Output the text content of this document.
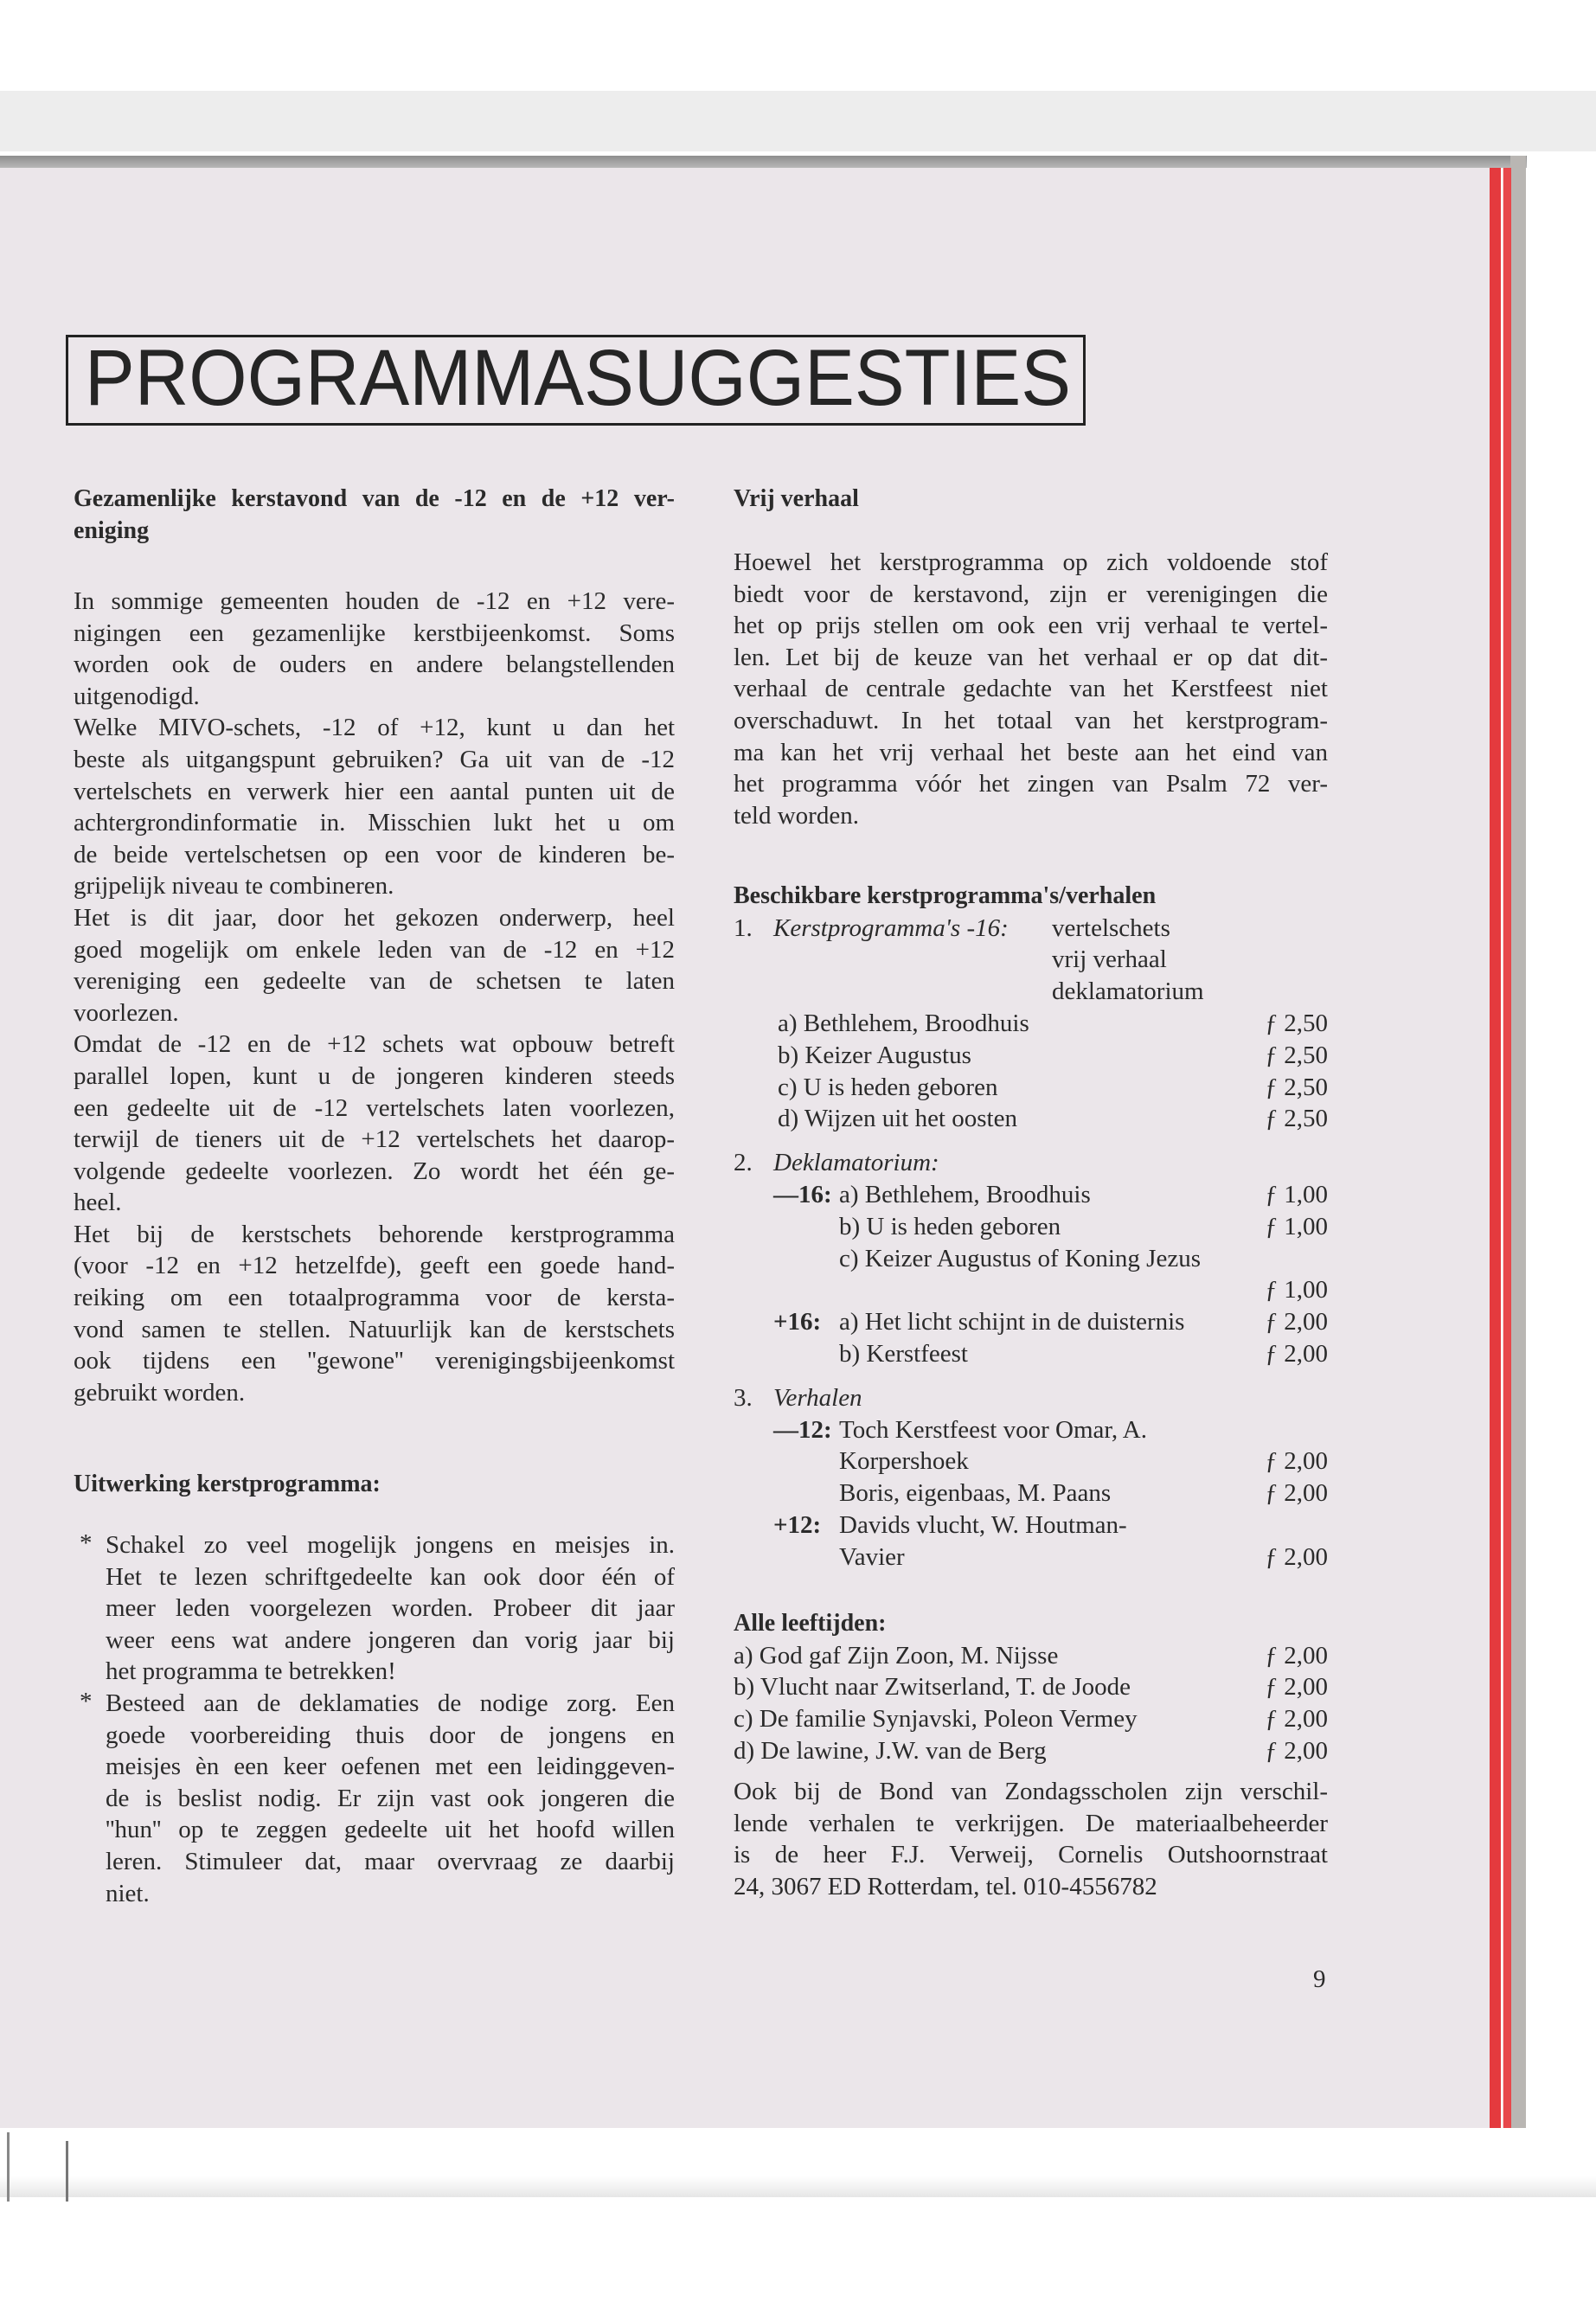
PROGRAMMASUGGESTIES
Gezamenlijke kerstavond van de -12 en de +12 ver-
eniging
In sommige gemeenten houden de -12 en +12 vere-
nigingen een gezamenlijke kerstbijeenkomst. Soms
worden ook de ouders en andere belangstellenden
uitgenodigd.
Welke MIVO-schets, -12 of +12, kunt u dan het
beste als uitgangspunt gebruiken? Ga uit van de -12
vertelschets en verwerk hier een aantal punten uit de
achtergrondinformatie in. Misschien lukt het u om
de beide vertelschetsen op een voor de kinderen be-
grijpelijk niveau te combineren.
Het is dit jaar, door het gekozen onderwerp, heel
goed mogelijk om enkele leden van de -12 en +12
vereniging een gedeelte van de schetsen te laten
voorlezen.
Omdat de -12 en de +12 schets wat opbouw betreft
parallel lopen, kunt u de jongeren kinderen steeds
een gedeelte uit de -12 vertelschets laten voorlezen,
terwijl de tieners uit de +12 vertelschets het daarop-
volgende gedeelte voorlezen. Zo wordt het één ge-
heel.
Het bij de kerstschets behorende kerstprogramma
(voor -12 en +12 hetzelfde), geeft een goede hand-
reiking om een totaalprogramma voor de kersta-
vond samen te stellen. Natuurlijk kan de kerstschets
ook tijdens een ''gewone'' verenigingsbijeenkomst
gebruikt worden.
Uitwerking kerstprogramma:
* Schakel zo veel mogelijk jongens en meisjes in.
Het te lezen schriftgedeelte kan ook door één of
meer leden voorgelezen worden. Probeer dit jaar
weer eens wat andere jongeren dan vorig jaar bij
het programma te betrekken!
* Besteed aan de deklamaties de nodige zorg. Een
goede voorbereiding thuis door de jongens en
meisjes èn een keer oefenen met een leidinggeven-
de is beslist nodig. Er zijn vast ook jongeren die
''hun'' op te zeggen gedeelte uit het hoofd willen
leren. Stimuleer dat, maar overvraag ze daarbij
niet.
Vrij verhaal
Hoewel het kerstprogramma op zich voldoende stof
biedt voor de kerstavond, zijn er verenigingen die
het op prijs stellen om ook een vrij verhaal te vertel-
len. Let bij de keuze van het verhaal er op dat dit-
verhaal de centrale gedachte van het Kerstfeest niet
overschaduwt. In het totaal van het kerstprogram-
ma kan het vrij verhaal het beste aan het eind van
het programma vóór het zingen van Psalm 72 ver-
teld worden.
Beschikbare kerstprogramma's/verhalen
1. Kerstprogramma's -16: vertelschets
vrij verhaal
deklamatorium
a) Bethlehem, Broodhuis	ƒ 2,50
b) Keizer Augustus	ƒ 2,50
c) U is heden geboren	ƒ 2,50
d) Wijzen uit het oosten	ƒ 2,50
2. Deklamatorium:
—16: a) Bethlehem, Broodhuis	ƒ 1,00
b) U is heden geboren	ƒ 1,00
c) Keizer Augustus of Koning Jezus
ƒ 1,00
+16: a) Het licht schijnt in de duisternis	ƒ 2,00
b) Kerstfeest	ƒ 2,00
3. Verhalen
—12: Toch Kerstfeest voor Omar, A.
Korpershoek	ƒ 2,00
Boris, eigenbaas, M. Paans	ƒ 2,00
+12: Davids vlucht, W. Houtman-
Vavier	ƒ 2,00
Alle leeftijden:
a) God gaf Zijn Zoon, M. Nijsse	ƒ 2,00
b) Vlucht naar Zwitserland, T. de Joode	ƒ 2,00
c) De familie Synjavski, Poleon Vermey	ƒ 2,00
d) De lawine, J.W. van de Berg	ƒ 2,00
Ook bij de Bond van Zondagsscholen zijn verschil-
lende verhalen te verkrijgen. De materiaalbeheerder
is de heer F.J. Verweij, Cornelis Outshoornstraat
24, 3067 ED Rotterdam, tel. 010-4556782
9
